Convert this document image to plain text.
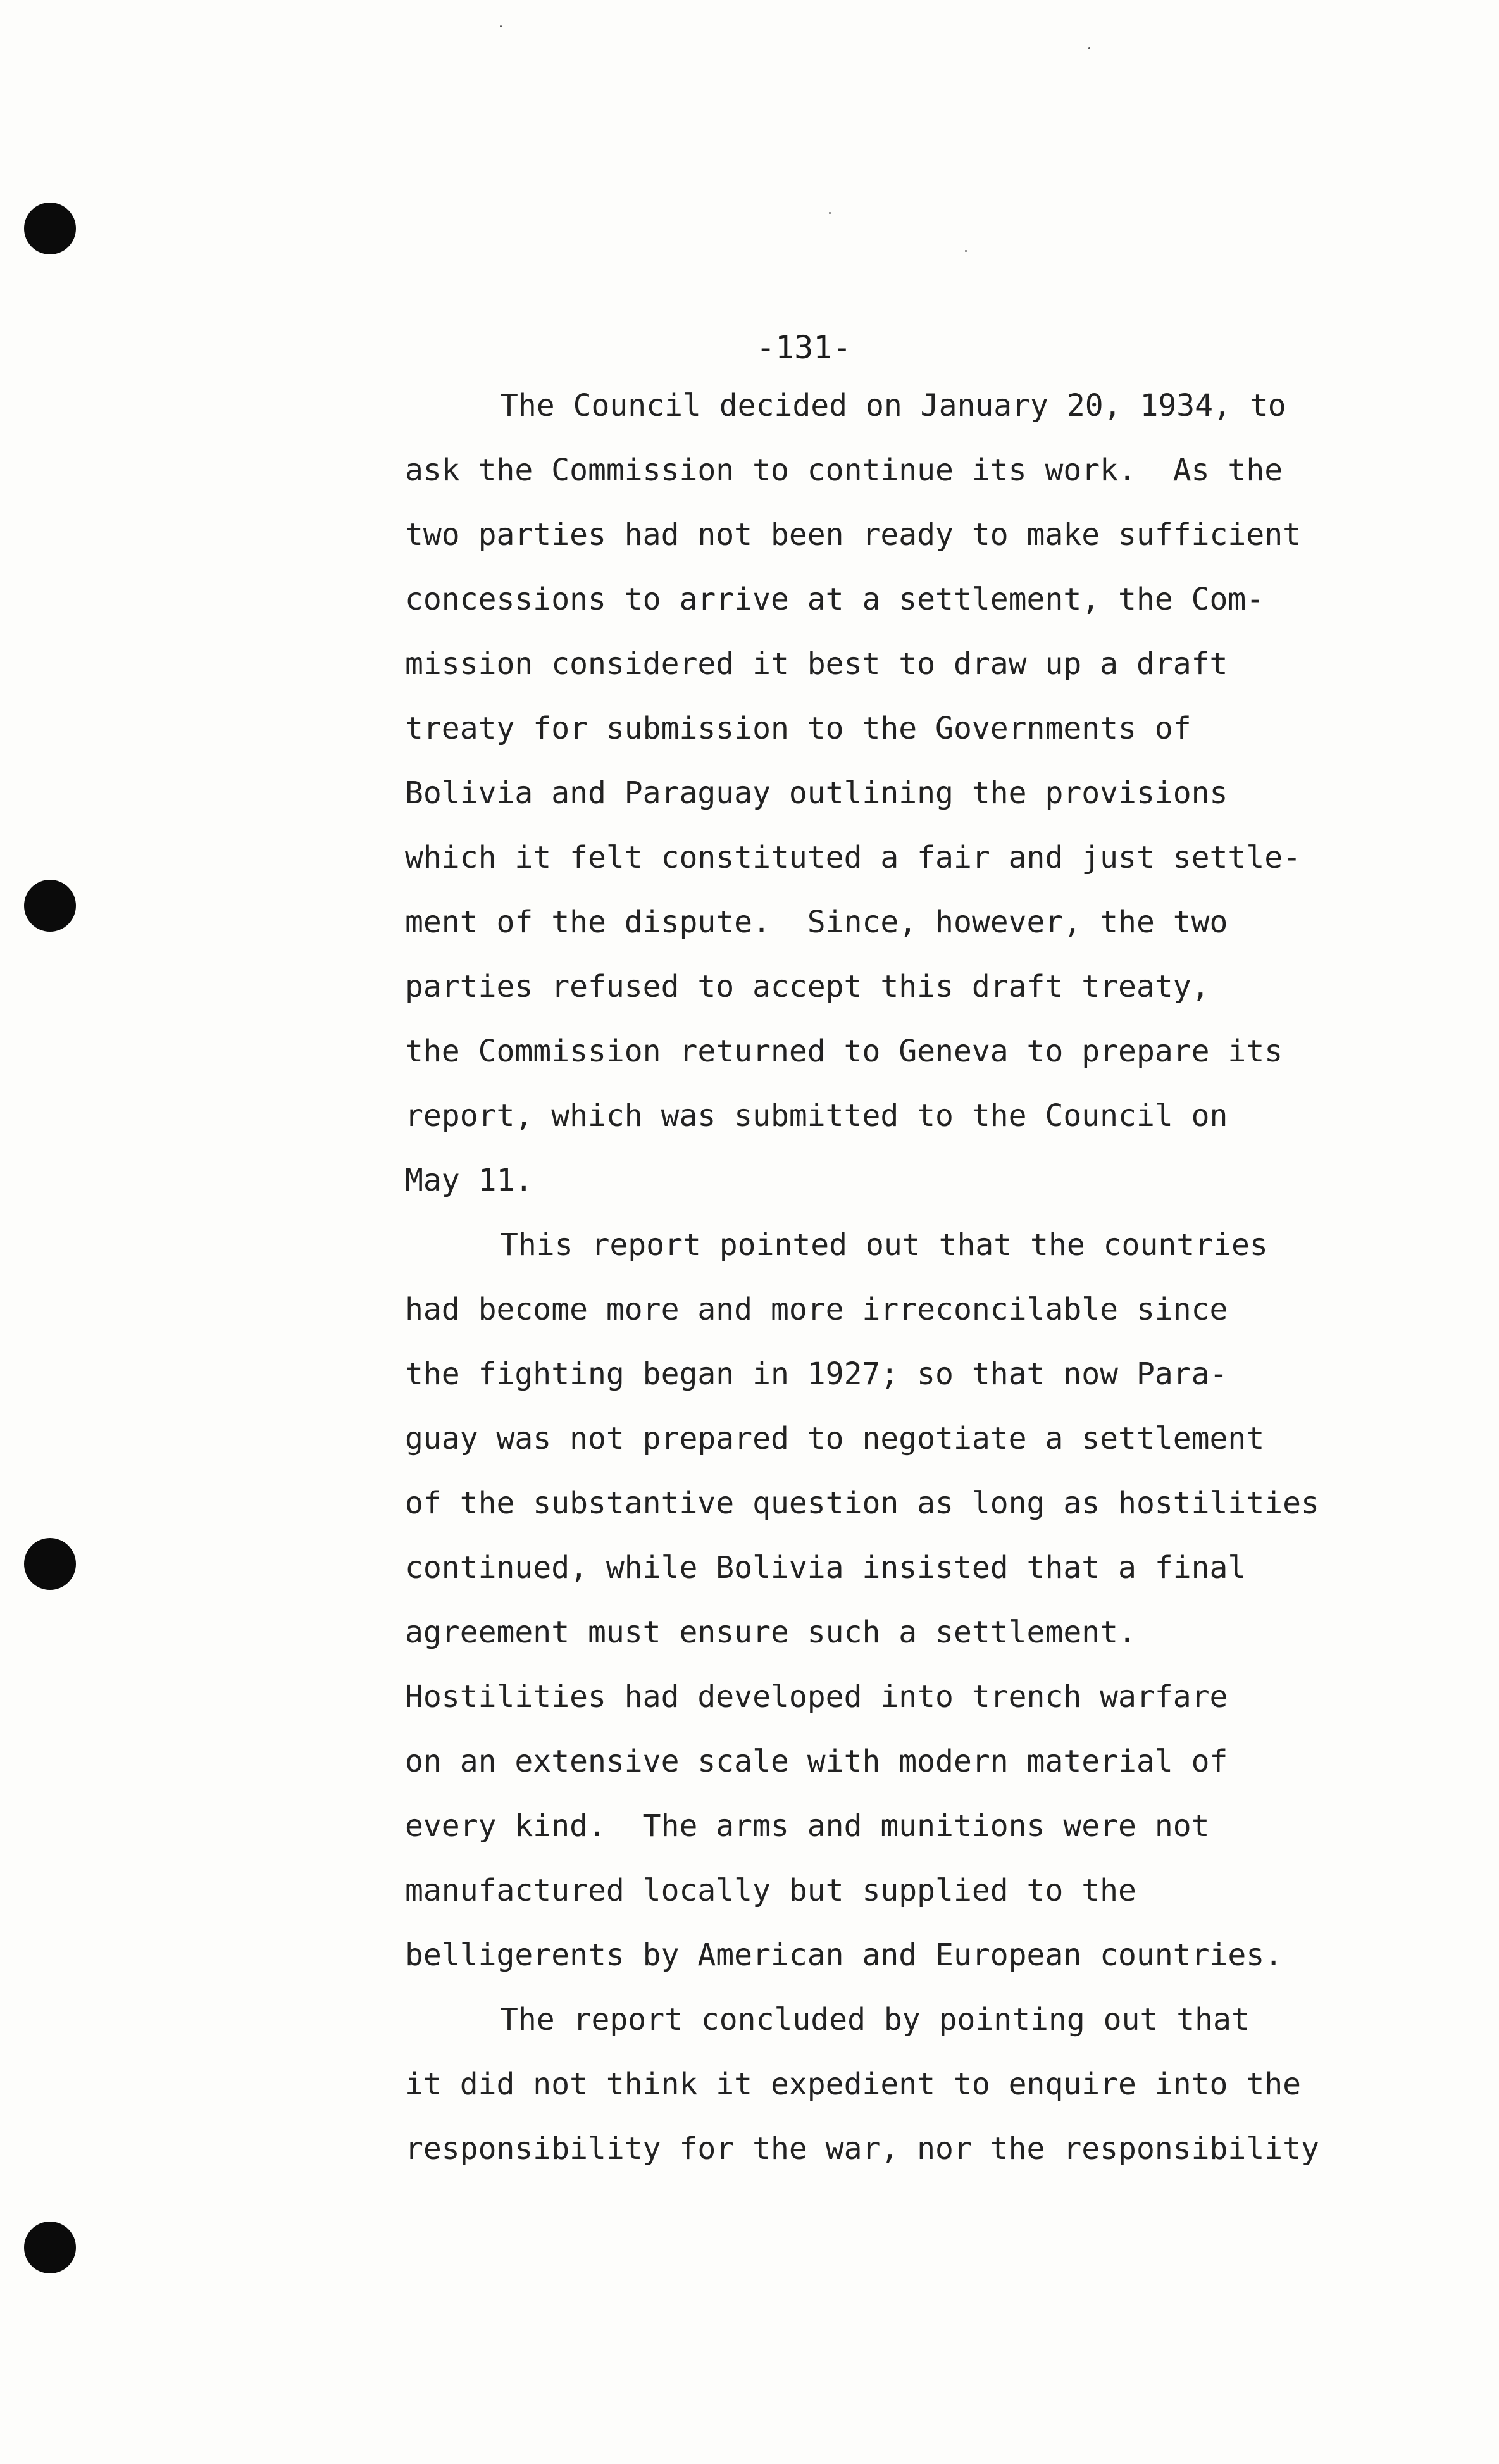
-131-
The Council decided on January 20, 1934, to
ask the Commission to continue its work.  As the
two parties had not been ready to make sufficient
concessions to arrive at a settlement, the Com-
mission considered it best to draw up a draft
treaty for submission to the Governments of
Bolivia and Paraguay outlining the provisions
which it felt constituted a fair and just settle-
ment of the dispute.  Since, however, the two
parties refused to accept this draft treaty,
the Commission returned to Geneva to prepare its
report, which was submitted to the Council on
May 11.
This report pointed out that the countries
had become more and more irreconcilable since
the fighting began in 1927; so that now Para-
guay was not prepared to negotiate a settlement
of the substantive question as long as hostilities
continued, while Bolivia insisted that a final
agreement must ensure such a settlement.
Hostilities had developed into trench warfare
on an extensive scale with modern material of
every kind.  The arms and munitions were not
manufactured locally but supplied to the
belligerents by American and European countries.
The report concluded by pointing out that
it did not think it expedient to enquire into the
responsibility for the war, nor the responsibility
